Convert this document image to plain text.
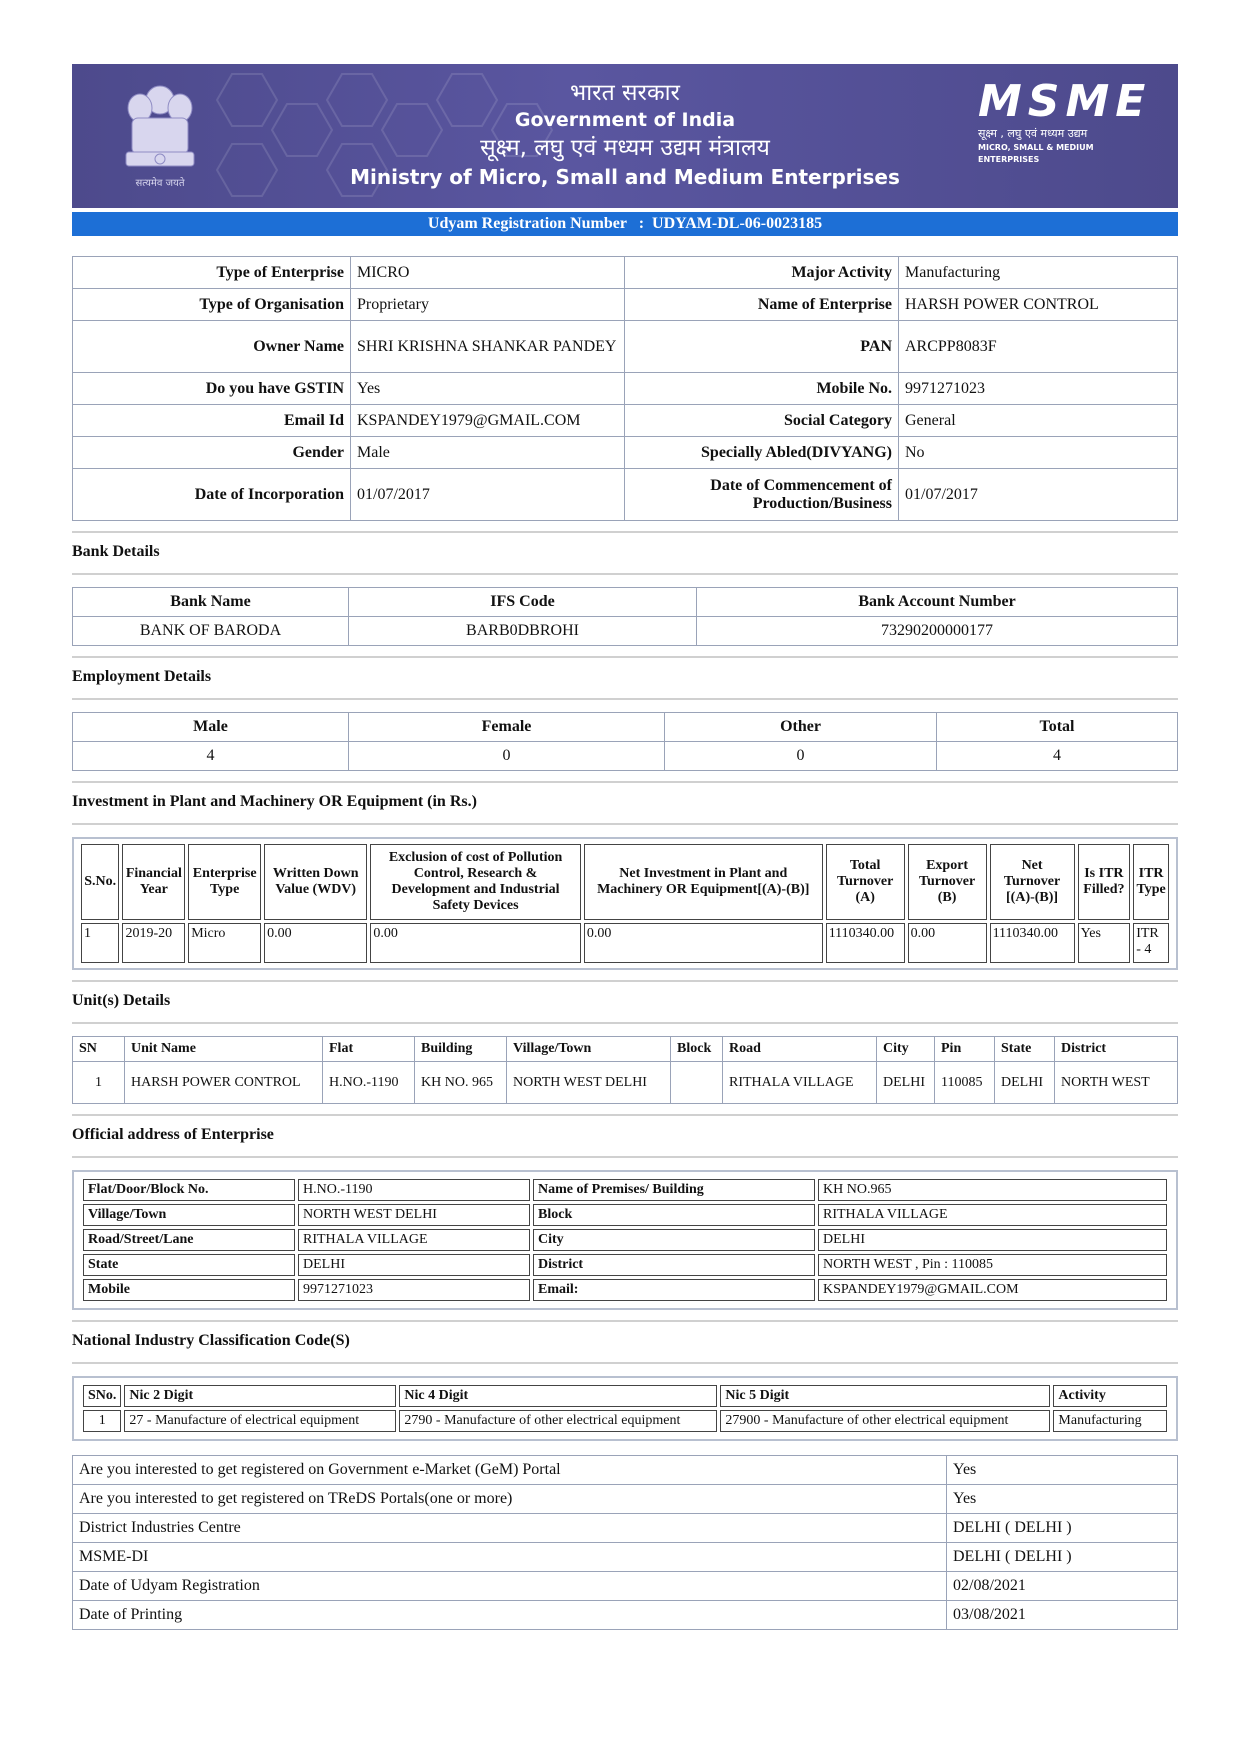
सत्यमेव जयते
भारत सरकार
Government of India
सूक्ष्म, लघु एवं मध्यम उद्यम मंत्रालय
Ministry of Micro, Small and Medium Enterprises
MSME
सूक्ष्म , लघु एवं मध्यम उद्यम
MICRO, SMALL & MEDIUM ENTERPRISES
Udyam Registration Number : UDYAM-DL-06-0023185
Type of Enterprise	MICRO	Major Activity	Manufacturing
Type of Organisation	Proprietary	Name of Enterprise	HARSH POWER CONTROL
Owner Name	SHRI KRISHNA SHANKAR PANDEY	PAN	ARCPP8083F
Do you have GSTIN	Yes	Mobile No.	9971271023
Email Id	KSPANDEY1979@GMAIL.COM	Social Category	General
Gender	Male	Specially Abled(DIVYANG)	No
Date of Incorporation	01/07/2017	Date of Commencement of Production/Business	01/07/2017
Bank Details
Bank Name	IFS Code	Bank Account Number
BANK OF BARODA	BARB0DBROHI	73290200000177
Employment Details
Male	Female	Other	Total
4	0	0	4
Investment in Plant and Machinery OR Equipment (in Rs.)
S.No.	Financial Year	Enterprise Type	Written Down Value (WDV)	Exclusion of cost of Pollution Control, Research & Development and Industrial Safety Devices	Net Investment in Plant and Machinery OR Equipment[(A)-(B)]	Total Turnover (A)	Export Turnover (B)	Net Turnover [(A)-(B)]	Is ITR Filled?	ITR Type
1	2019-20	Micro	0.00	0.00	0.00	1110340.00	0.00	1110340.00	Yes	ITR - 4
Unit(s) Details
SN	Unit Name	Flat	Building	Village/Town	Block	Road	City	Pin	State	District
1	HARSH POWER CONTROL	H.NO.-1190	KH NO. 965	NORTH WEST DELHI		RITHALA VILLAGE	DELHI	110085	DELHI	NORTH WEST
Official address of Enterprise
Flat/Door/Block No.	H.NO.-1190	Name of Premises/ Building	KH NO.965
Village/Town	NORTH WEST DELHI	Block	RITHALA VILLAGE
Road/Street/Lane	RITHALA VILLAGE	City	DELHI
State	DELHI	District	NORTH WEST , Pin : 110085
Mobile	9971271023	Email:	KSPANDEY1979@GMAIL.COM
National Industry Classification Code(S)
SNo.	Nic 2 Digit	Nic 4 Digit	Nic 5 Digit	Activity
1	27 - Manufacture of electrical equipment	2790 - Manufacture of other electrical equipment	27900 - Manufacture of other electrical equipment	Manufacturing
Are you interested to get registered on Government e-Market (GeM) Portal	Yes
Are you interested to get registered on TReDS Portals(one or more)	Yes
District Industries Centre	DELHI ( DELHI )
MSME-DI	DELHI ( DELHI )
Date of Udyam Registration	02/08/2021
Date of Printing	03/08/2021
